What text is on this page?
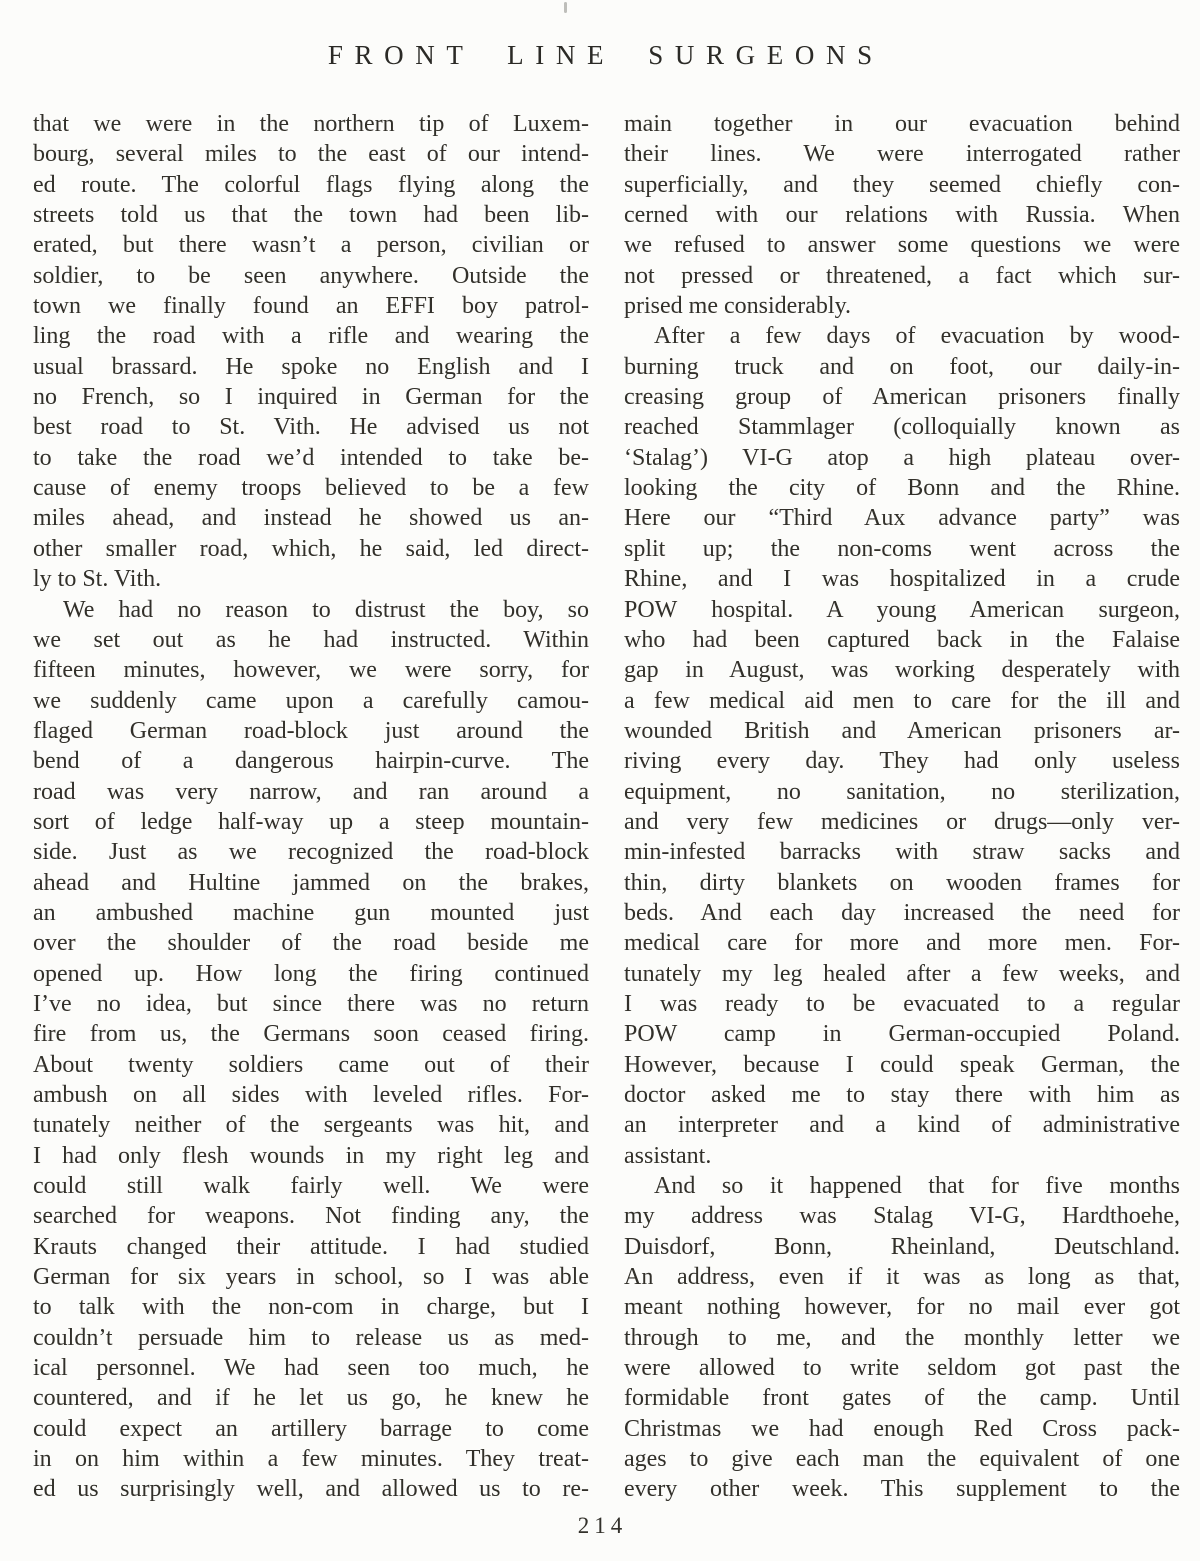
FRONT LINE SURGEONS
that we were in the northern tip of Luxem-
bourg, several miles to the east of our intend-
ed route. The colorful flags flying along the
streets told us that the town had been lib-
erated, but there wasn’t a person, civilian or
soldier, to be seen anywhere. Outside the
town we finally found an EFFI boy patrol-
ling the road with a rifle and wearing the
usual brassard. He spoke no English and I
no French, so I inquired in German for the
best road to St. Vith. He advised us not
to take the road we’d intended to take be-
cause of enemy troops believed to be a few
miles ahead, and instead he showed us an-
other smaller road, which, he said, led direct-
ly to St. Vith.
We had no reason to distrust the boy, so
we set out as he had instructed. Within
fifteen minutes, however, we were sorry, for
we suddenly came upon a carefully camou-
flaged German road-block just around the
bend of a dangerous hairpin-curve. The
road was very narrow, and ran around a
sort of ledge half-way up a steep mountain-
side. Just as we recognized the road-block
ahead and Hultine jammed on the brakes,
an ambushed machine gun mounted just
over the shoulder of the road beside me
opened up. How long the firing continued
I’ve no idea, but since there was no return
fire from us, the Germans soon ceased firing.
About twenty soldiers came out of their
ambush on all sides with leveled rifles. For-
tunately neither of the sergeants was hit, and
I had only flesh wounds in my right leg and
could still walk fairly well. We were
searched for weapons. Not finding any, the
Krauts changed their attitude. I had studied
German for six years in school, so I was able
to talk with the non-com in charge, but I
couldn’t persuade him to release us as med-
ical personnel. We had seen too much, he
countered, and if he let us go, he knew he
could expect an artillery barrage to come
in on him within a few minutes. They treat-
ed us surprisingly well, and allowed us to re-
main together in our evacuation behind
their lines. We were interrogated rather
superficially, and they seemed chiefly con-
cerned with our relations with Russia. When
we refused to answer some questions we were
not pressed or threatened, a fact which sur-
prised me considerably.
After a few days of evacuation by wood-
burning truck and on foot, our daily-in-
creasing group of American prisoners finally
reached Stammlager (colloquially known as
‘Stalag’) VI-G atop a high plateau over-
looking the city of Bonn and the Rhine.
Here our “Third Aux advance party” was
split up; the non-coms went across the
Rhine, and I was hospitalized in a crude
POW hospital. A young American surgeon,
who had been captured back in the Falaise
gap in August, was working desperately with
a few medical aid men to care for the ill and
wounded British and American prisoners ar-
riving every day. They had only useless
equipment, no sanitation, no sterilization,
and very few medicines or drugs—only ver-
min-infested barracks with straw sacks and
thin, dirty blankets on wooden frames for
beds. And each day increased the need for
medical care for more and more men. For-
tunately my leg healed after a few weeks, and
I was ready to be evacuated to a regular
POW camp in German-occupied Poland.
However, because I could speak German, the
doctor asked me to stay there with him as
an interpreter and a kind of administrative
assistant.
And so it happened that for five months
my address was Stalag VI-G, Hardthoehe,
Duisdorf, Bonn, Rheinland, Deutschland.
An address, even if it was as long as that,
meant nothing however, for no mail ever got
through to me, and the monthly letter we
were allowed to write seldom got past the
formidable front gates of the camp. Until
Christmas we had enough Red Cross pack-
ages to give each man the equivalent of one
every other week. This supplement to the
214
